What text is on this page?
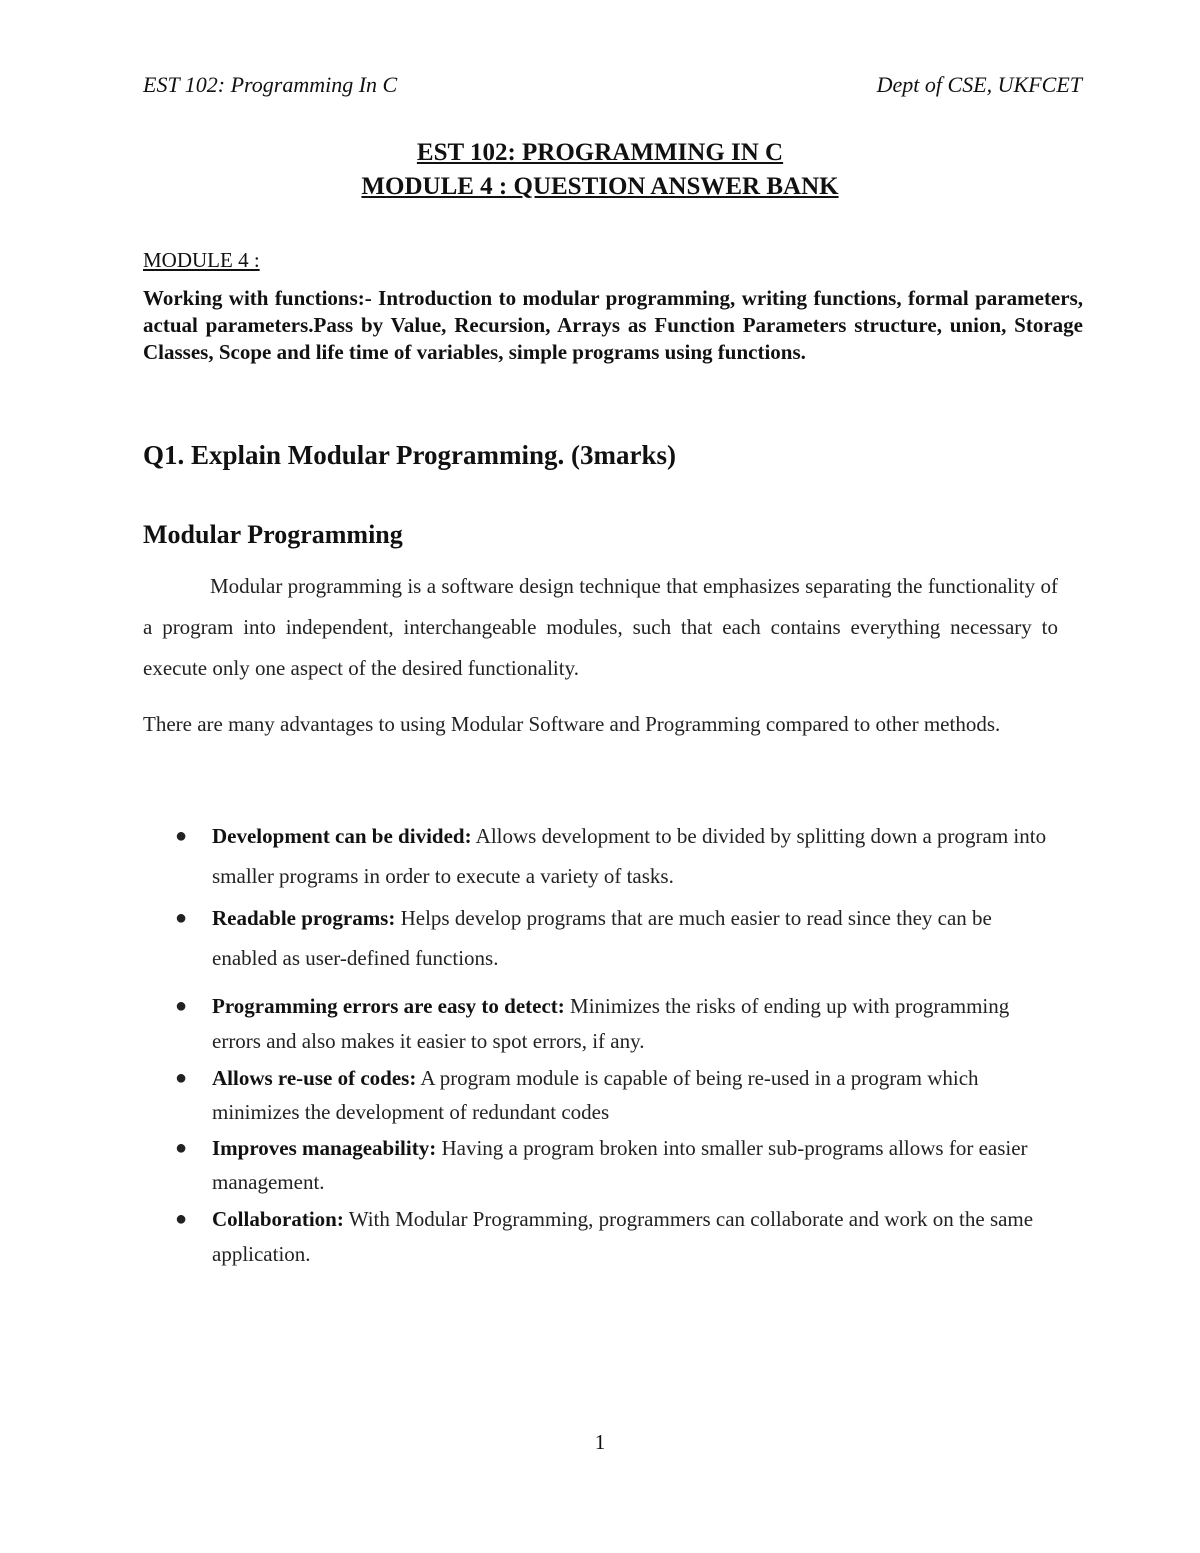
EST 102: Programming In C	Dept of CSE, UKFCET
EST 102: PROGRAMMING IN C
MODULE 4 : QUESTION ANSWER BANK
MODULE 4 :
Working with functions:- Introduction to modular programming, writing functions, formal parameters, actual parameters.Pass by Value, Recursion, Arrays as Function Parameters structure, union, Storage Classes, Scope and life time of variables, simple programs using functions.
Q1. Explain Modular Programming. (3marks)
Modular Programming
Modular programming is a software design technique that emphasizes separating the functionality of a program into independent, interchangeable modules, such that each contains everything necessary to execute only one aspect of the desired functionality.
There are many advantages to using Modular Software and Programming compared to other methods.
● Development can be divided: Allows development to be divided by splitting down a program into smaller programs in order to execute a variety of tasks.
● Readable programs: Helps develop programs that are much easier to read since they can be enabled as user-defined functions.
● Programming errors are easy to detect: Minimizes the risks of ending up with programming errors and also makes it easier to spot errors, if any.
● Allows re-use of codes: A program module is capable of being re-used in a program which minimizes the development of redundant codes
● Improves manageability: Having a program broken into smaller sub-programs allows for easier management.
● Collaboration: With Modular Programming, programmers can collaborate and work on the same application.
1
